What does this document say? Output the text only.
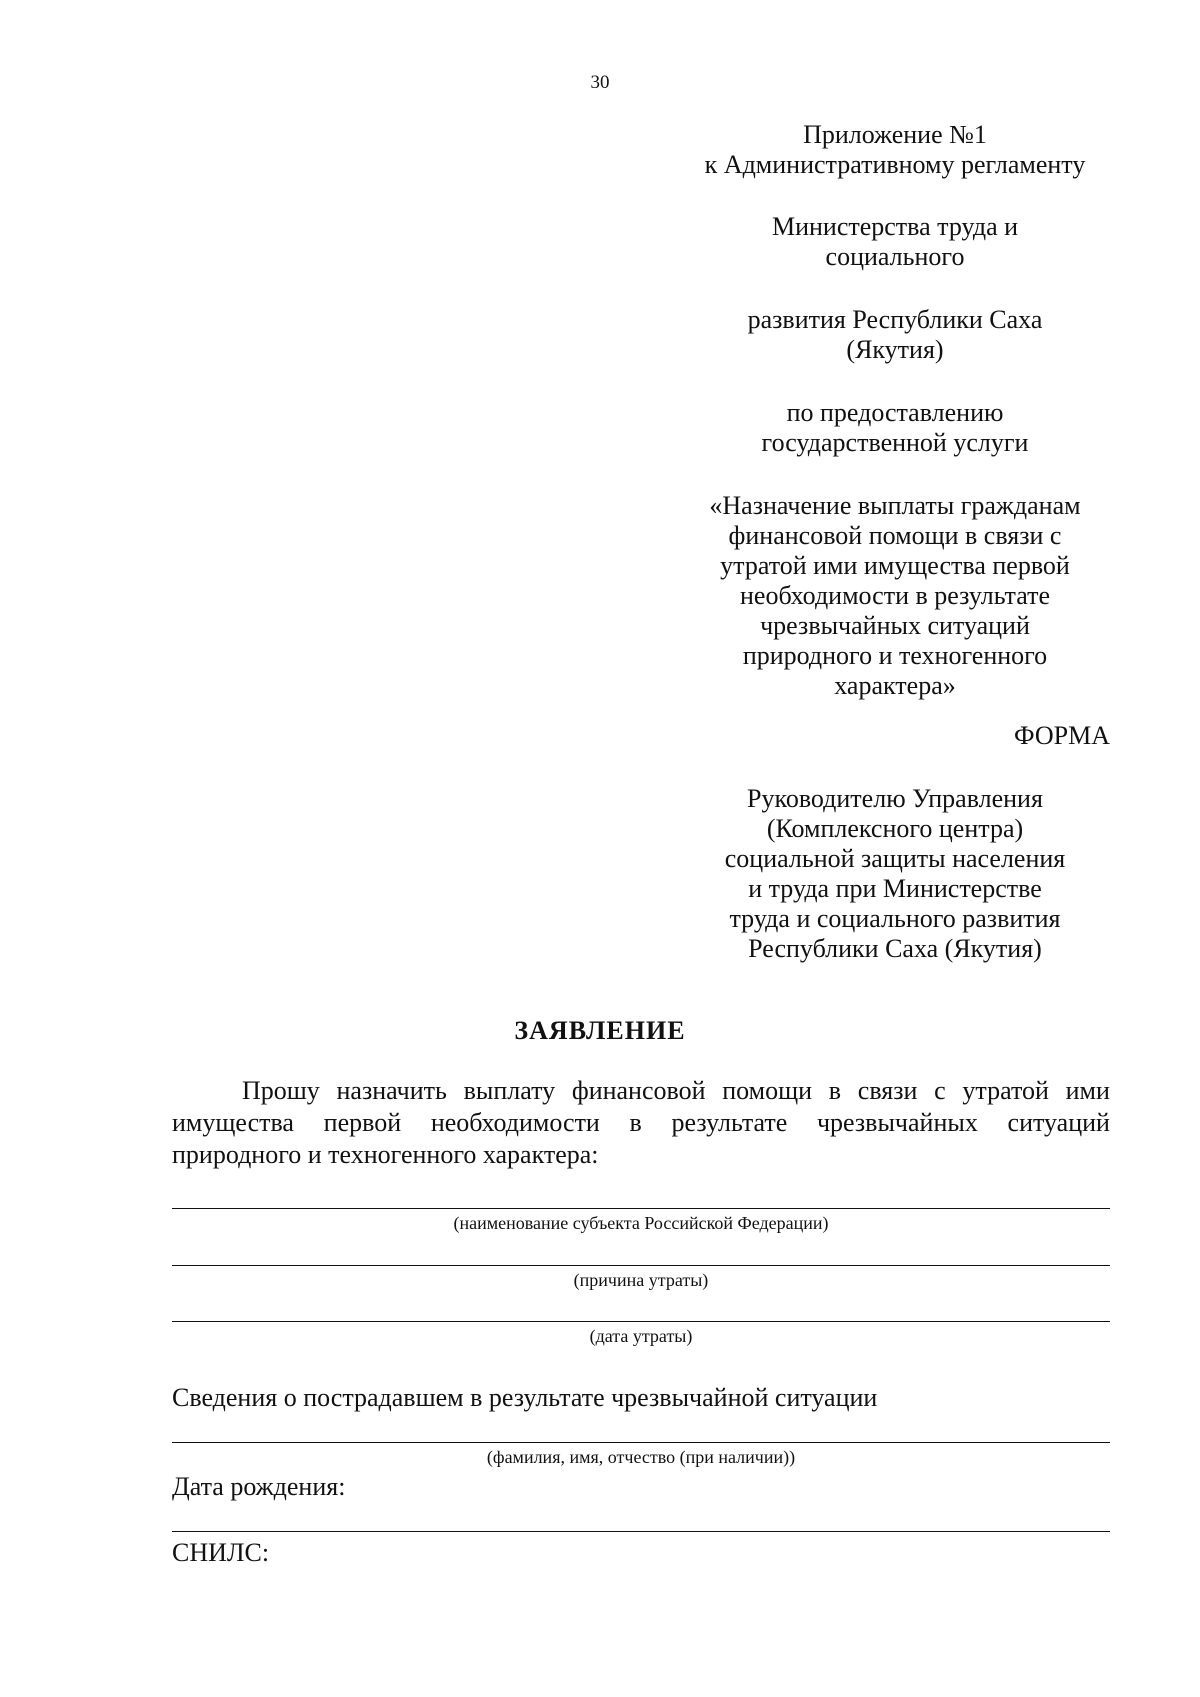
30
Приложение №1
к Административному регламенту
Министерства труда и
социального
развития Республики Саха
(Якутия)
по предоставлению
государственной услуги
«Назначение выплаты гражданам
финансовой помощи в связи с
утратой ими имущества первой
необходимости в результате
чрезвычайных ситуаций
природного и техногенного
характера»
ФОРМА
Руководителю Управления
(Комплексного центра)
социальной защиты населения
и труда при Министерстве
труда и социального развития
Республики Саха (Якутия)
ЗАЯВЛЕНИЕ
Прошу назначить выплату финансовой помощи в связи с утратой ими
имущества первой необходимости в результате чрезвычайных ситуаций
природного и техногенного характера:
(наименование субъекта Российской Федерации)
(причина утраты)
(дата утраты)
Сведения о пострадавшем в результате чрезвычайной ситуации
(фамилия, имя, отчество (при наличии))
Дата рождения:
СНИЛС:
